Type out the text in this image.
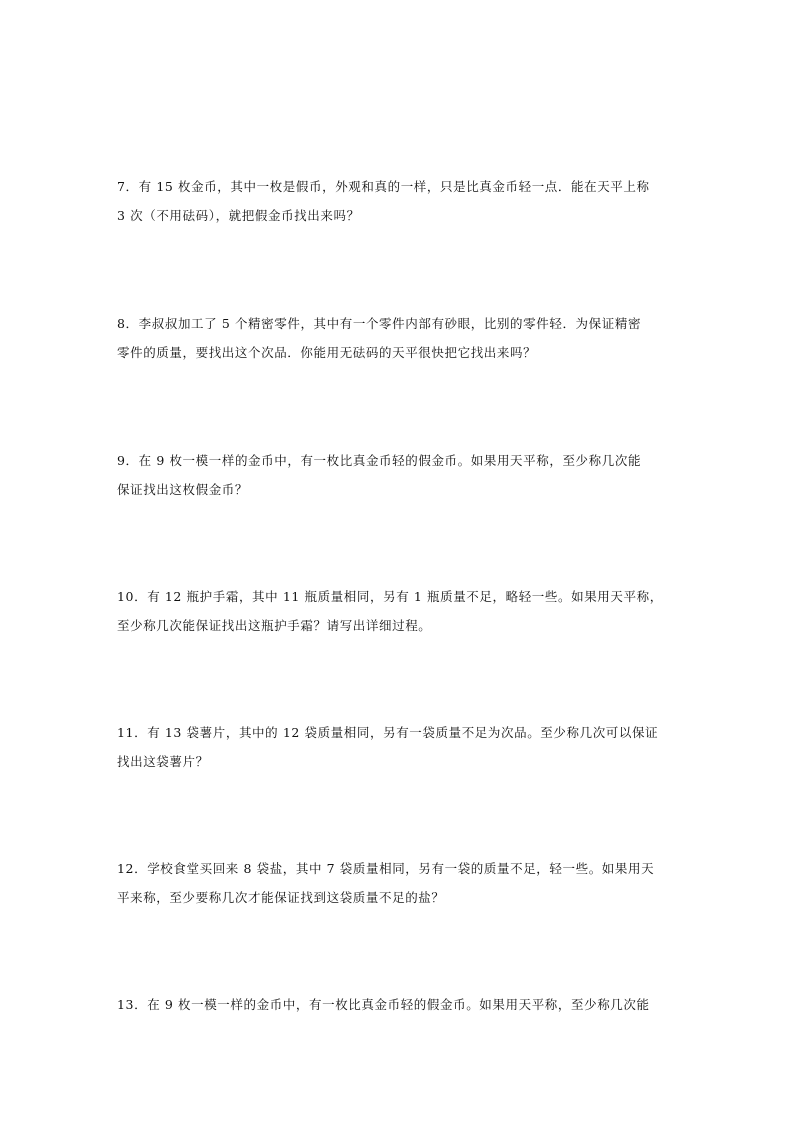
7．有 15 枚金币，其中一枚是假币，外观和真的一样，只是比真金币轻一点．能在天平上称
3 次（不用砝码），就把假金币找出来吗？
8．李叔叔加工了 5 个精密零件，其中有一个零件内部有砂眼，比别的零件轻．为保证精密
零件的质量，要找出这个次品．你能用无砝码的天平很快把它找出来吗？
9．在 9 枚一模一样的金币中，有一枚比真金币轻的假金币。如果用天平称，至少称几次能
保证找出这枚假金币？
10．有 12 瓶护手霜，其中 11 瓶质量相同，另有 1 瓶质量不足，略轻一些。如果用天平称，
至少称几次能保证找出这瓶护手霜？请写出详细过程。
11．有 13 袋薯片，其中的 12 袋质量相同，另有一袋质量不足为次品。至少称几次可以保证
找出这袋薯片？
12．学校食堂买回来 8 袋盐，其中 7 袋质量相同，另有一袋的质量不足，轻一些。如果用天
平来称，至少要称几次才能保证找到这袋质量不足的盐？
13．在 9 枚一模一样的金币中，有一枚比真金币轻的假金币。如果用天平称，至少称几次能
